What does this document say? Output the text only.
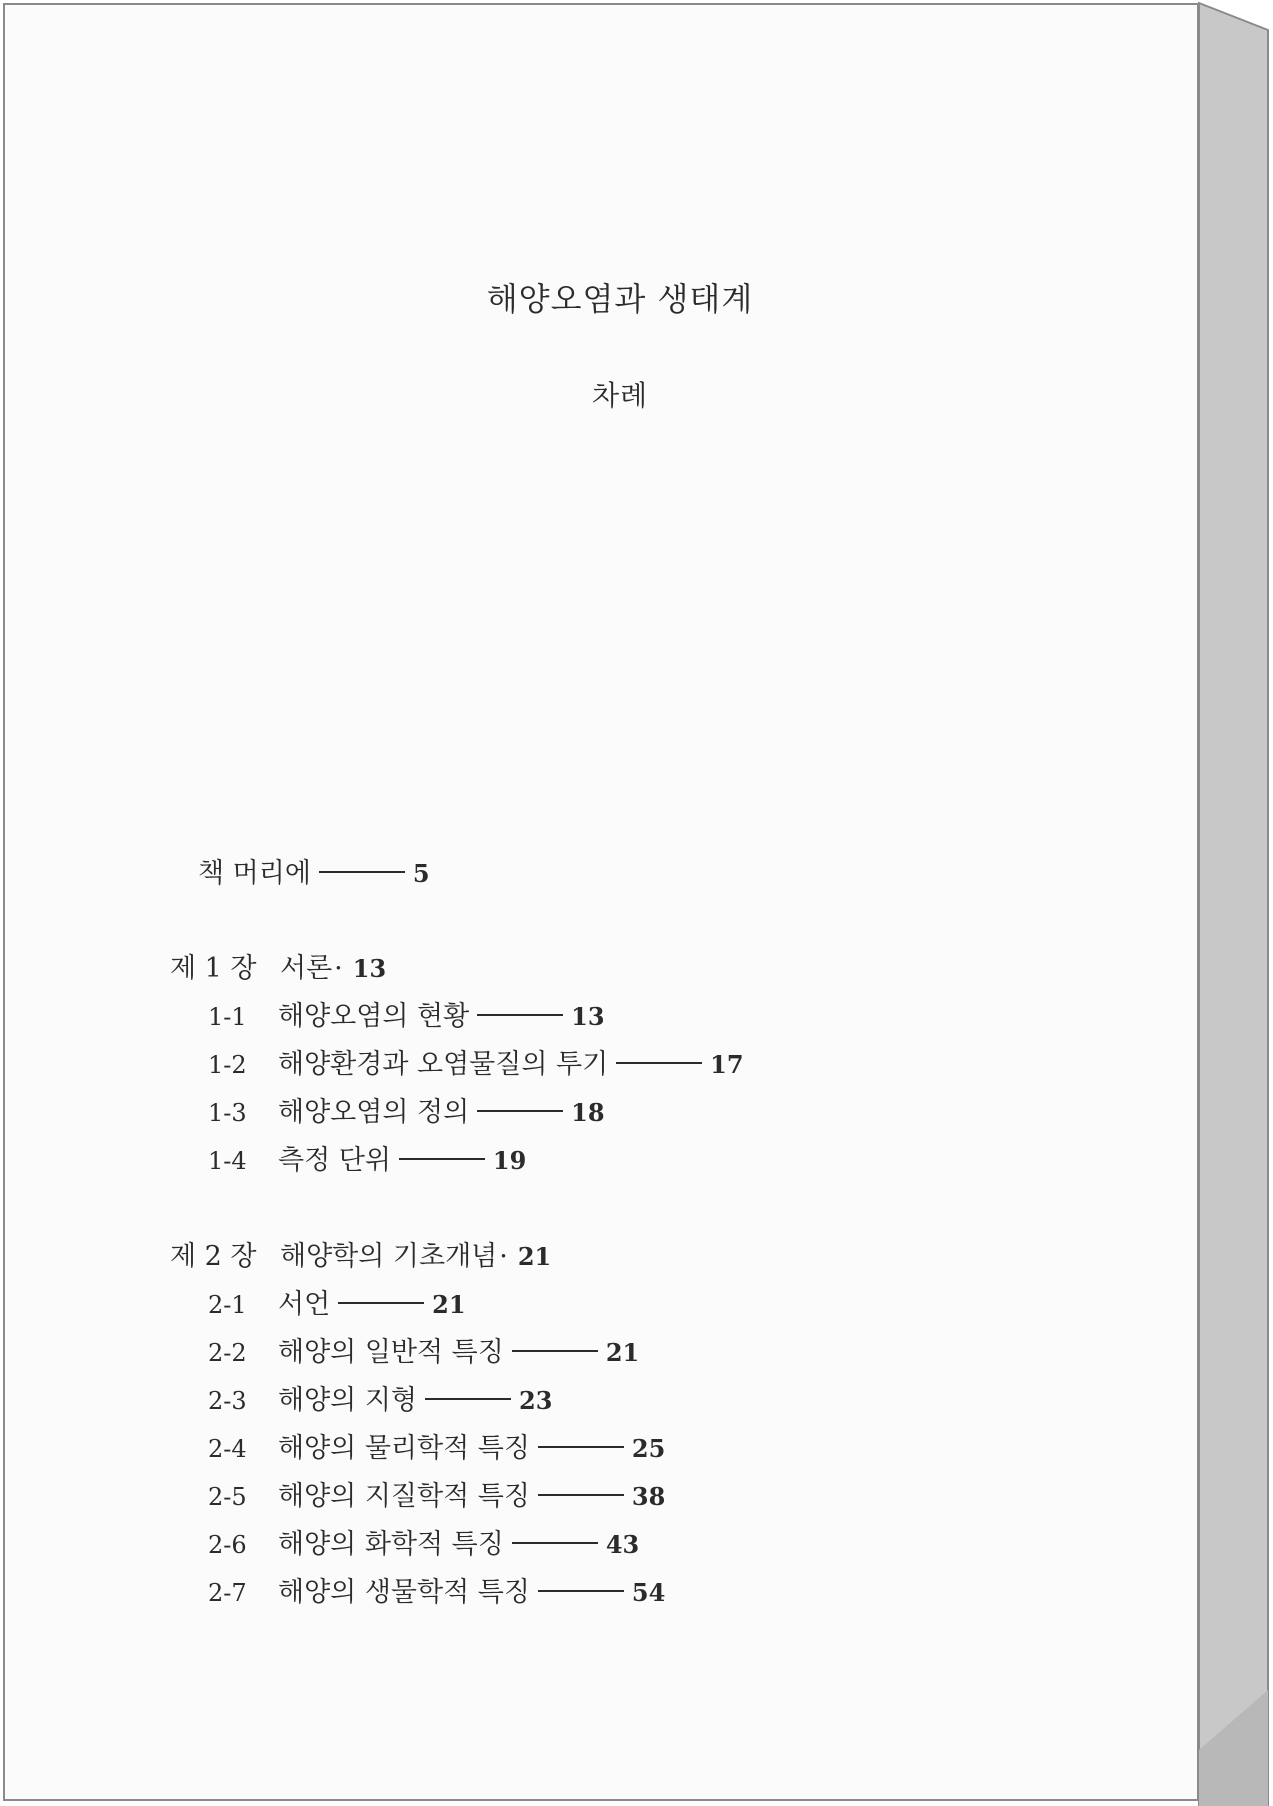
해양오염과 생태계
차례
책 머리에	5
제 1 장 서론 · 13
1-1	해양오염의 현황	13
1-2	해양환경과 오염물질의 투기	17
1-3	해양오염의 정의	18
1-4	측정 단위	19
제 2 장 해양학의 기초개념 · 21
2-1	서언	21
2-2	해양의 일반적 특징	21
2-3	해양의 지형	23
2-4	해양의 물리학적 특징	25
2-5	해양의 지질학적 특징	38
2-6	해양의 화학적 특징	43
2-7	해양의 생물학적 특징	54
